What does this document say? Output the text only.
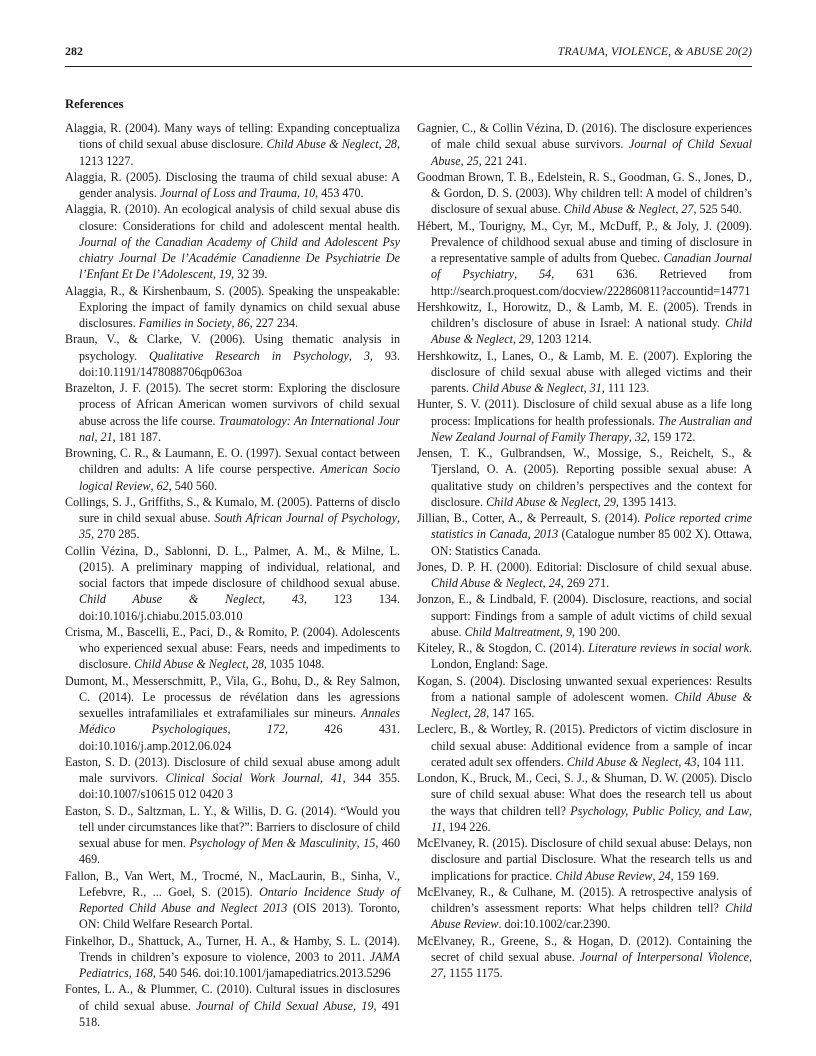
282	TRAUMA, VIOLENCE, & ABUSE 20(2)
References

Alaggia, R. (2004). Many ways of telling: Expanding conceptualiza tions of child sexual abuse disclosure. Child Abuse & Neglect, 28, 1213 1227.

Alaggia, R. (2005). Disclosing the trauma of child sexual abuse: A gender analysis. Journal of Loss and Trauma, 10, 453 470.

Alaggia, R. (2010). An ecological analysis of child sexual abuse dis closure: Considerations for child and adolescent mental health. Journal of the Canadian Academy of Child and Adolescent Psy chiatry Journal De l’Académie Canadienne De Psychiatrie De l’Enfant Et De l’Adolescent, 19, 32 39.

Alaggia, R., & Kirshenbaum, S. (2005). Speaking the unspeakable: Exploring the impact of family dynamics on child sexual abuse disclosures. Families in Society, 86, 227 234.

Braun, V., & Clarke, V. (2006). Using thematic analysis in psychology. Qualitative Research in Psychology, 3, 93. doi:10.1191/1478088706qp063oa

Brazelton, J. F. (2015). The secret storm: Exploring the disclosure process of African American women survivors of child sexual abuse across the life course. Traumatology: An International Jour nal, 21, 181 187.

Browning, C. R., & Laumann, E. O. (1997). Sexual contact between children and adults: A life course perspective. American Socio logical Review, 62, 540 560.

Collings, S. J., Griffiths, S., & Kumalo, M. (2005). Patterns of disclo sure in child sexual abuse. South African Journal of Psychology, 35, 270 285.

Collin Vézina, D., Sablonni, D. L., Palmer, A. M., & Milne, L. (2015). A preliminary mapping of individual, relational, and social factors that impede disclosure of childhood sexual abuse. Child Abuse & Neglect, 43, 123 134. doi:10.1016/j.chiabu.2015.03.010

Crisma, M., Bascelli, E., Paci, D., & Romito, P. (2004). Adolescents who experienced sexual abuse: Fears, needs and impediments to disclosure. Child Abuse & Neglect, 28, 1035 1048.

Dumont, M., Messerschmitt, P., Vila, G., Bohu, D., & Rey Salmon, C. (2014). Le processus de révélation dans les agressions sexuelles intrafamiliales et extrafamiliales sur mineurs. Annales Médico Psychologiques, 172, 426 431. doi:10.1016/j.amp.2012.06.024

Easton, S. D. (2013). Disclosure of child sexual abuse among adult male survivors. Clinical Social Work Journal, 41, 344 355. doi:10.1007/s10615 012 0420 3

Easton, S. D., Saltzman, L. Y., & Willis, D. G. (2014). “Would you tell under circumstances like that?”: Barriers to disclosure of child sexual abuse for men. Psychology of Men & Masculinity, 15, 460 469.

Fallon, B., Van Wert, M., Trocmé, N., MacLaurin, B., Sinha, V., Lefebvre, R., ... Goel, S. (2015). Ontario Incidence Study of Reported Child Abuse and Neglect 2013 (OIS 2013). Toronto, ON: Child Welfare Research Portal.

Finkelhor, D., Shattuck, A., Turner, H. A., & Hamby, S. L. (2014). Trends in children’s exposure to violence, 2003 to 2011. JAMA Pediatrics, 168, 540 546. doi:10.1001/jamapediatrics.2013.5296

Fontes, L. A., & Plummer, C. (2010). Cultural issues in disclosures of child sexual abuse. Journal of Child Sexual Abuse, 19, 491 518.

Gagnier, C., & Collin Vézina, D. (2016). The disclosure experiences of male child sexual abuse survivors. Journal of Child Sexual Abuse, 25, 221 241.

Goodman Brown, T. B., Edelstein, R. S., Goodman, G. S., Jones, D., & Gordon, D. S. (2003). Why children tell: A model of children’s disclosure of sexual abuse. Child Abuse & Neglect, 27, 525 540.

Hébert, M., Tourigny, M., Cyr, M., McDuff, P., & Joly, J. (2009). Prevalence of childhood sexual abuse and timing of disclosure in a representative sample of adults from Quebec. Canadian Journal of Psychiatry, 54, 631 636. Retrieved from http://search.proquest.com/docview/222860811?accountid=14771

Hershkowitz, I., Horowitz, D., & Lamb, M. E. (2005). Trends in children’s disclosure of abuse in Israel: A national study. Child Abuse & Neglect, 29, 1203 1214.

Hershkowitz, I., Lanes, O., & Lamb, M. E. (2007). Exploring the disclosure of child sexual abuse with alleged victims and their parents. Child Abuse & Neglect, 31, 111 123.

Hunter, S. V. (2011). Disclosure of child sexual abuse as a life long process: Implications for health professionals. The Australian and New Zealand Journal of Family Therapy, 32, 159 172.

Jensen, T. K., Gulbrandsen, W., Mossige, S., Reichelt, S., & Tjersland, O. A. (2005). Reporting possible sexual abuse: A qualitative study on children’s perspectives and the context for disclosure. Child Abuse & Neglect, 29, 1395 1413.

Jillian, B., Cotter, A., & Perreault, S. (2014). Police reported crime statistics in Canada, 2013 (Catalogue number 85 002 X). Ottawa, ON: Statistics Canada.

Jones, D. P. H. (2000). Editorial: Disclosure of child sexual abuse. Child Abuse & Neglect, 24, 269 271.

Jonzon, E., & Lindbald, F. (2004). Disclosure, reactions, and social support: Findings from a sample of adult victims of child sexual abuse. Child Maltreatment, 9, 190 200.

Kiteley, R., & Stogdon, C. (2014). Literature reviews in social work. London, England: Sage.

Kogan, S. (2004). Disclosing unwanted sexual experiences: Results from a national sample of adolescent women. Child Abuse & Neglect, 28, 147 165.

Leclerc, B., & Wortley, R. (2015). Predictors of victim disclosure in child sexual abuse: Additional evidence from a sample of incar cerated adult sex offenders. Child Abuse & Neglect, 43, 104 111.

London, K., Bruck, M., Ceci, S. J., & Shuman, D. W. (2005). Disclo sure of child sexual abuse: What does the research tell us about the ways that children tell? Psychology, Public Policy, and Law, 11, 194 226.

McElvaney, R. (2015). Disclosure of child sexual abuse: Delays, non disclosure and partial Disclosure. What the research tells us and implications for practice. Child Abuse Review, 24, 159 169.

McElvaney, R., & Culhane, M. (2015). A retrospective analysis of children’s assessment reports: What helps children tell? Child Abuse Review. doi:10.1002/car.2390.

McElvaney, R., Greene, S., & Hogan, D. (2012). Containing the secret of child sexual abuse. Journal of Interpersonal Violence, 27, 1155 1175.
